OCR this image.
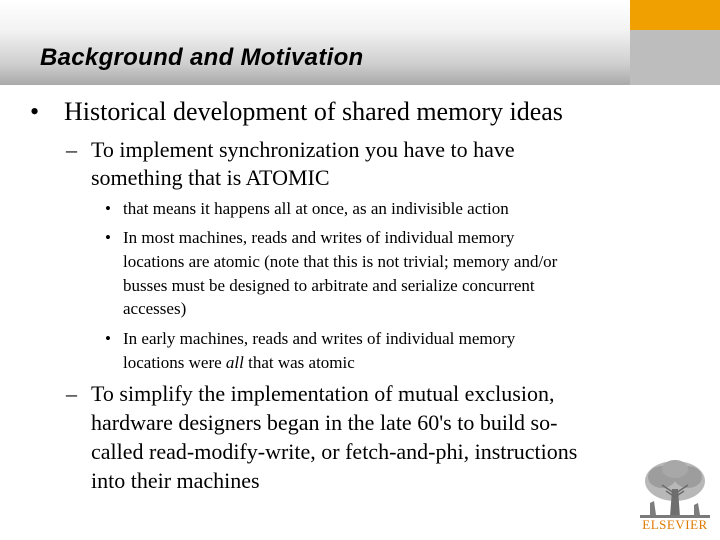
Background and Motivation
• Historical development of shared memory ideas
– To implement synchronization you have to have
something that is ATOMIC
• that means it happens all at once, as an indivisible action
• In most machines, reads and writes of individual memory
locations are atomic (note that this is not trivial; memory and/or
busses must be designed to arbitrate and serialize concurrent
accesses)
• In early machines, reads and writes of individual memory
locations were all that was atomic
– To simplify the implementation of mutual exclusion,
hardware designers began in the late 60's to build so-
called read-modify-write, or fetch-and-phi, instructions
into their machines
ELSEVIER
